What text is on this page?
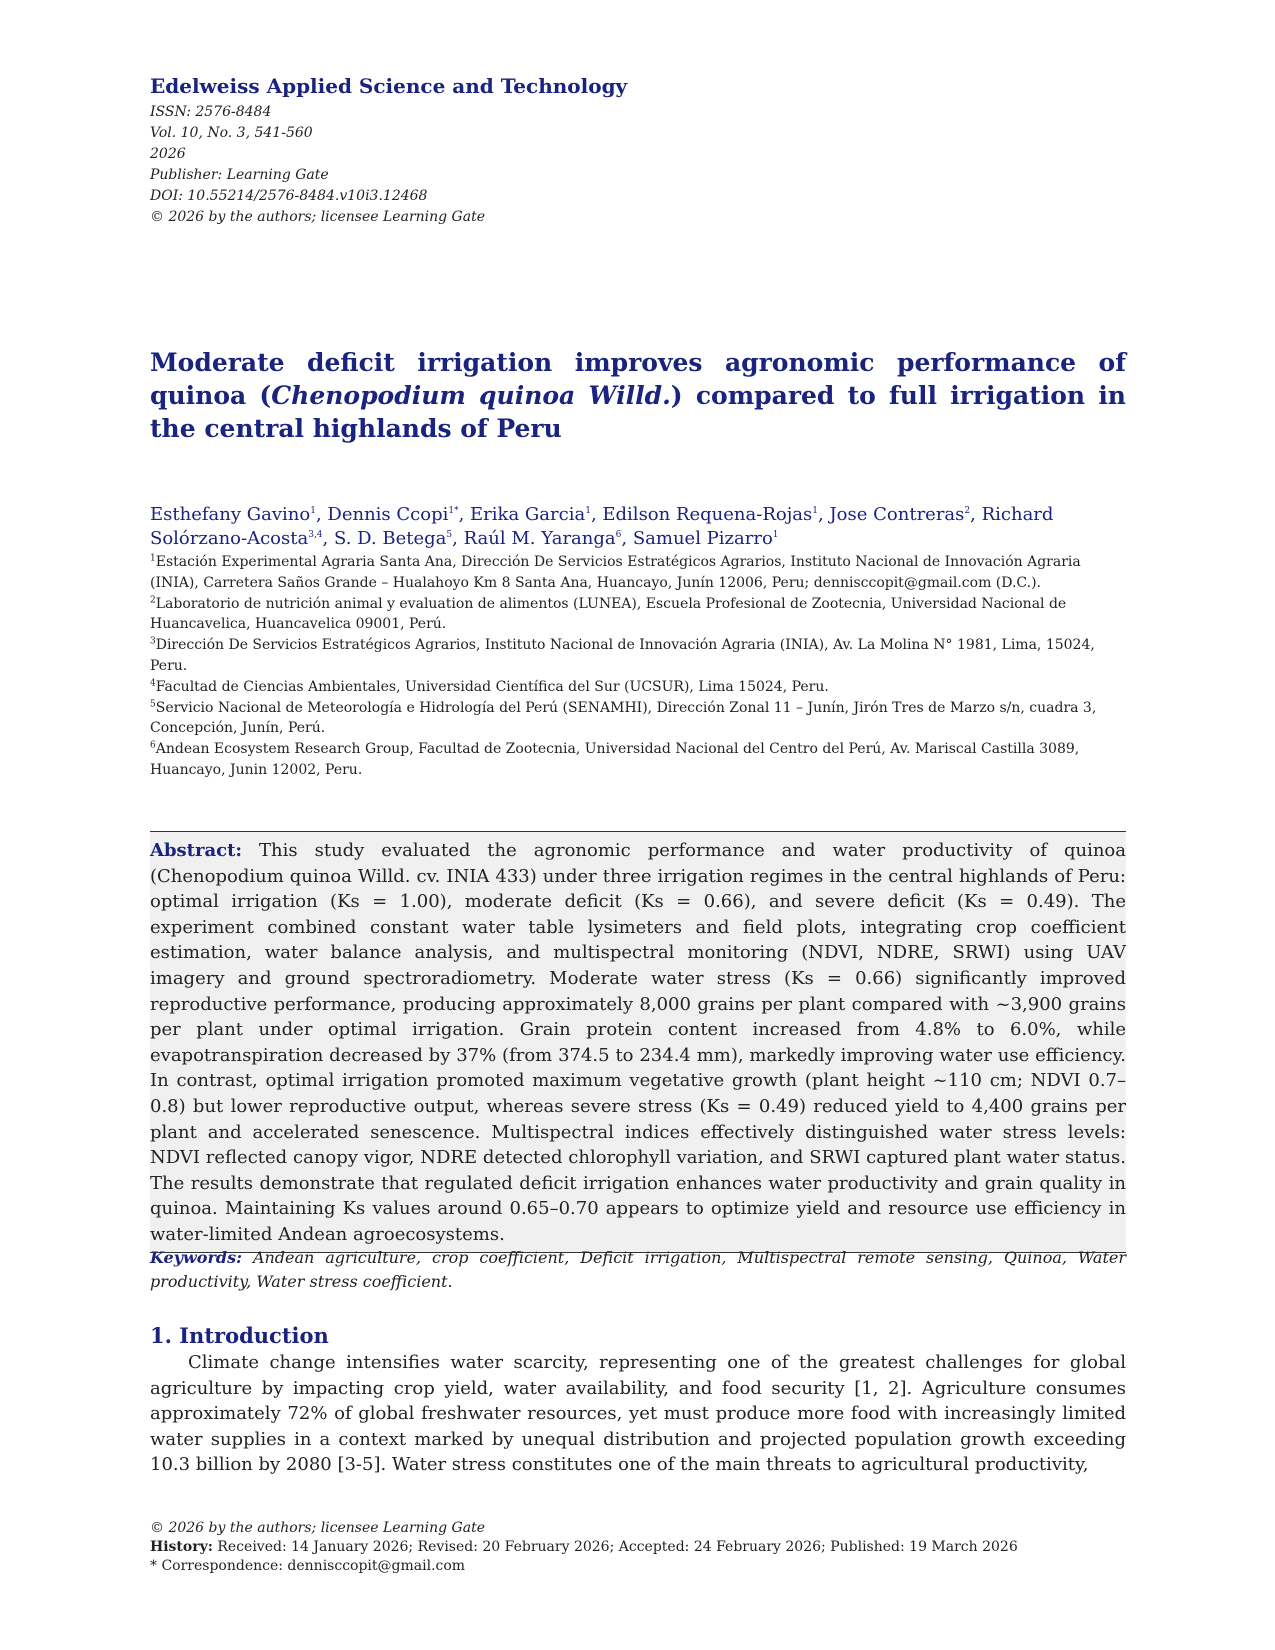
Edelweiss Applied Science and Technology
ISSN: 2576-8484
Vol. 10, No. 3, 541-560
2026
Publisher: Learning Gate
DOI: 10.55214/2576-8484.v10i3.12468
© 2026 by the authors; licensee Learning Gate
Moderate deficit irrigation improves agronomic performance of quinoa (Chenopodium quinoa Willd.) compared to full irrigation in the central highlands of Peru
Esthefany Gavino$^1$, Dennis Ccopi$^{1*}$, Erika Garcia$^1$, Edilson Requena-Rojas$^1$, Jose Contreras$^2$, Richard Solórzano-Acosta$^{3,4}$, S. D. Betega$^5$, Raúl M. Yaranga$^6$, Samuel Pizarro$^1$

$^1$Estación Experimental Agraria Santa Ana, Dirección De Servicios Estratégicos Agrarios, Instituto Nacional de Innovación Agraria (INIA), Carretera Saños Grande – Hualahoyo Km 8 Santa Ana, Huancayo, Junín 12006, Peru; dennisccopit@gmail.com (D.C.).

$^2$Laboratorio de nutrición animal y evaluation de alimentos (LUNEA), Escuela Profesional de Zootecnia, Universidad Nacional de Huancavelica, Huancavelica 09001, Perú.

$^3$Dirección De Servicios Estratégicos Agrarios, Instituto Nacional de Innovación Agraria (INIA), Av. La Molina N° 1981, Lima, 15024, Peru.

$^4$Facultad de Ciencias Ambientales, Universidad Científica del Sur (UCSUR), Lima 15024, Peru.

$^5$Servicio Nacional de Meteorología e Hidrología del Perú (SENAMHI), Dirección Zonal 11 – Junín, Jirón Tres de Marzo s/n, cuadra 3, Concepción, Junín, Perú.

$^6$Andean Ecosystem Research Group, Facultad de Zootecnia, Universidad Nacional del Centro del Perú, Av. Mariscal Castilla 3089, Huancayo, Junin 12002, Peru.

Abstract: This study evaluated the agronomic performance and water productivity of quinoa (Chenopodium quinoa Willd. cv. INIA 433) under three irrigation regimes in the central highlands of Peru: optimal irrigation (Ks = 1.00), moderate deficit (Ks = 0.66), and severe deficit (Ks = 0.49). The experiment combined constant water table lysimeters and field plots, integrating crop coefficient estimation, water balance analysis, and multispectral monitoring (NDVI, NDRE, SRWI) using UAV imagery and ground spectroradiometry. Moderate water stress (Ks = 0.66) significantly improved reproductive performance, producing approximately 8,000 grains per plant compared with ~3,900 grains per plant under optimal irrigation. Grain protein content increased from 4.8% to 6.0%, while evapotranspiration decreased by 37% (from 374.5 to 234.4 mm), markedly improving water use efficiency. In contrast, optimal irrigation promoted maximum vegetative growth (plant height ~110 cm; NDVI 0.7–0.8) but lower reproductive output, whereas severe stress (Ks = 0.49) reduced yield to 4,400 grains per plant and accelerated senescence. Multispectral indices effectively distinguished water stress levels: NDVI reflected canopy vigor, NDRE detected chlorophyll variation, and SRWI captured plant water status. The results demonstrate that regulated deficit irrigation enhances water productivity and grain quality in quinoa. Maintaining Ks values around 0.65–0.70 appears to optimize yield and resource use efficiency in water-limited Andean agroecosystems.

Keywords: Andean agriculture, crop coefficient, Deficit irrigation, Multispectral remote sensing, Quinoa, Water productivity, Water stress coefficient.
1. Introduction

Climate change intensifies water scarcity, representing one of the greatest challenges for global agriculture by impacting crop yield, water availability, and food security [1, 2]. Agriculture consumes approximately 72% of global freshwater resources, yet must produce more food with increasingly limited water supplies in a context marked by unequal distribution and projected population growth exceeding 10.3 billion by 2080 [3-5]. Water stress constitutes one of the main threats to agricultural productivity,

© 2026 by the authors; licensee Learning Gate
History: Received: 14 January 2026; Revised: 20 February 2026; Accepted: 24 February 2026; Published: 19 March 2026
* Correspondence: dennisccopit@gmail.com
